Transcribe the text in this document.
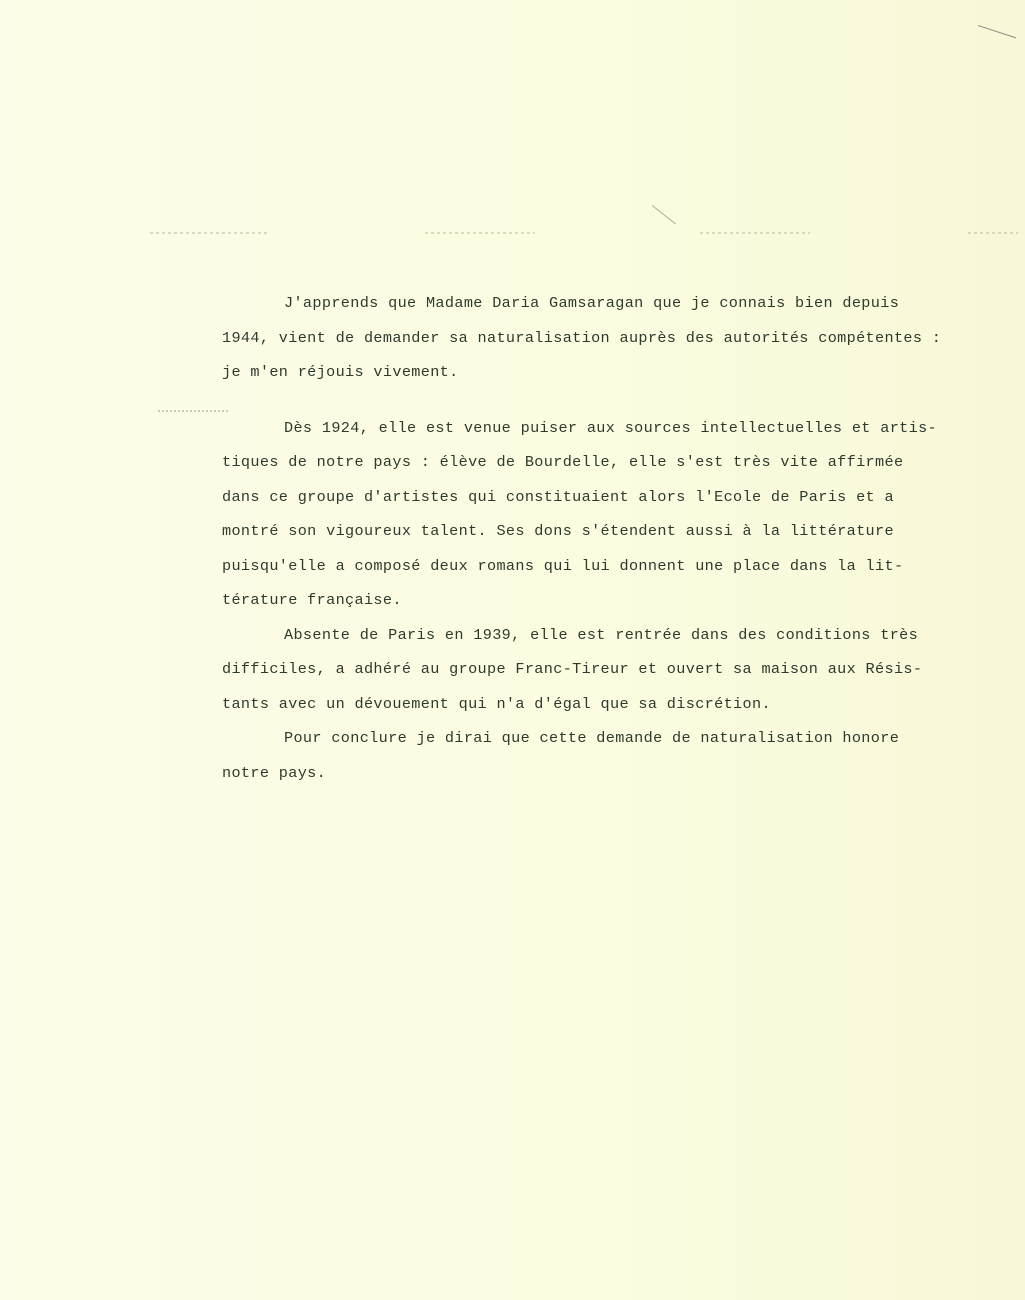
J'apprends que Madame Daria Gamsaragan que je connais bien depuis
1944, vient de demander sa naturalisation auprès des autorités compétentes :
je m'en réjouis vivement.
Dès 1924, elle est venue puiser aux sources intellectuelles et artis-
tiques de notre pays : élève de Bourdelle, elle s'est très vite affirmée
dans ce groupe d'artistes qui constituaient alors l'Ecole de Paris et a
montré son vigoureux talent. Ses dons s'étendent aussi à la littérature
puisqu'elle a composé deux romans qui lui donnent une place dans la lit-
térature française.
Absente de Paris en 1939, elle est rentrée dans des conditions très
difficiles, a adhéré au groupe Franc-Tireur et ouvert sa maison aux Résis-
tants avec un dévouement qui n'a d'égal que sa discrétion.
Pour conclure je dirai que cette demande de naturalisation honore
notre pays.
